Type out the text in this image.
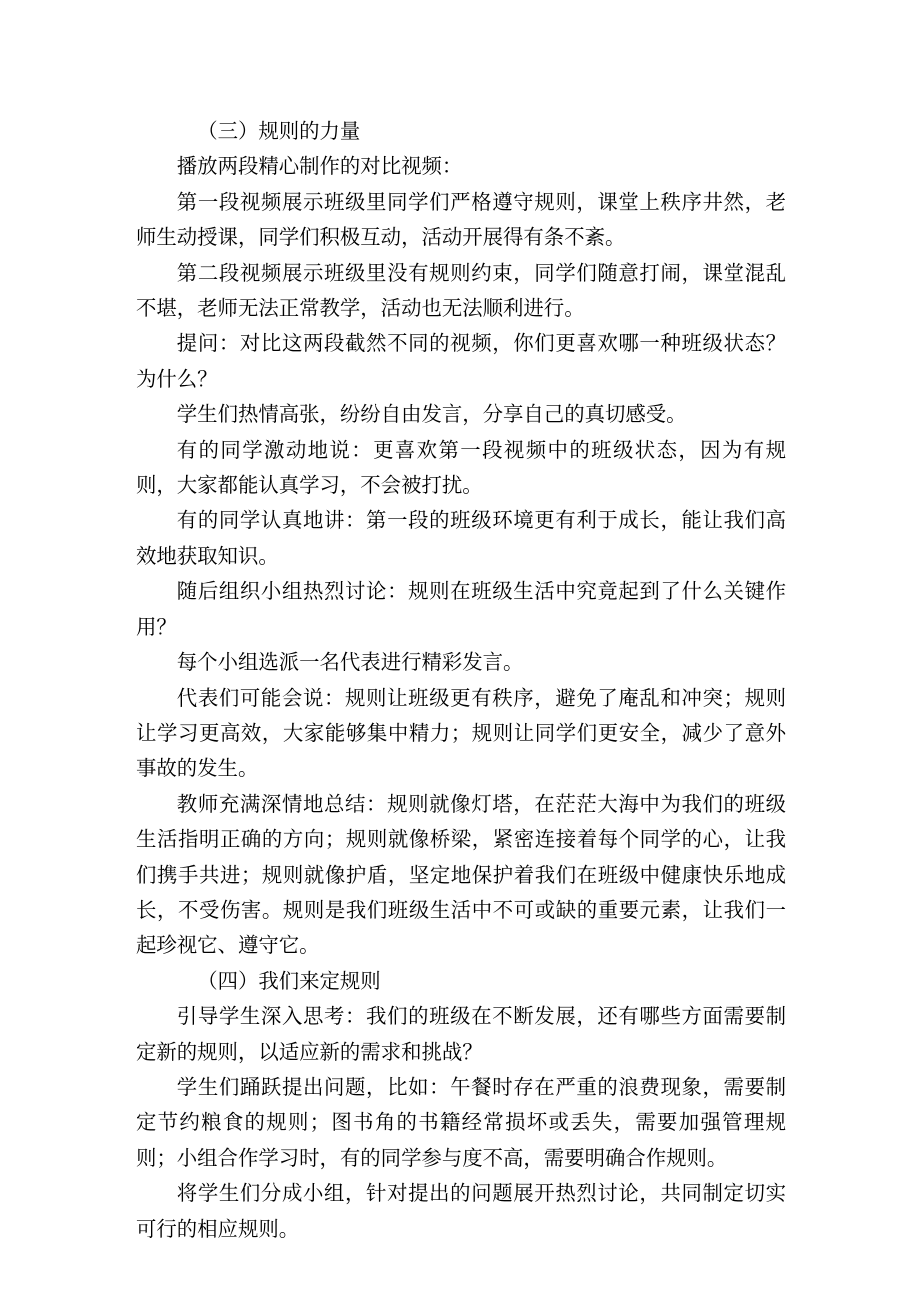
（三）规则的力量

播放两段精心制作的对比视频：

第一段视频展示班级里同学们严格遵守规则，课堂上秩序井然，老师生动授课，同学们积极互动，活动开展得有条不紊。

第二段视频展示班级里没有规则约束，同学们随意打闹，课堂混乱不堪，老师无法正常教学，活动也无法顺利进行。

提问：对比这两段截然不同的视频，你们更喜欢哪一种班级状态？为什么？

学生们热情高张，纷纷自由发言，分享自己的真切感受。

有的同学激动地说：更喜欢第一段视频中的班级状态，因为有规则，大家都能认真学习，不会被打扰。

有的同学认真地讲：第一段的班级环境更有利于成长，能让我们高效地获取知识。

随后组织小组热烈讨论：规则在班级生活中究竟起到了什么关键作用？

每个小组选派一名代表进行精彩发言。

代表们可能会说：规则让班级更有秩序，避免了庵乱和冲突；规则让学习更高效，大家能够集中精力；规则让同学们更安全，减少了意外事故的发生。

教师充满深情地总结：规则就像灯塔，在茫茫大海中为我们的班级生活指明正确的方向；规则就像桥梁，紧密连接着每个同学的心，让我们携手共进；规则就像护盾，坚定地保护着我们在班级中健康快乐地成长，不受伤害。规则是我们班级生活中不可或缺的重要元素，让我们一起珍视它、遵守它。

（四）我们来定规则

引导学生深入思考：我们的班级在不断发展，还有哪些方面需要制定新的规则，以适应新的需求和挑战？

学生们踊跃提出问题，比如：午餐时存在严重的浪费现象，需要制定节约粮食的规则；图书角的书籍经常损坏或丢失，需要加强管理规则；小组合作学习时，有的同学参与度不高，需要明确合作规则。

将学生们分成小组，针对提出的问题展开热烈讨论，共同制定切实可行的相应规则。
